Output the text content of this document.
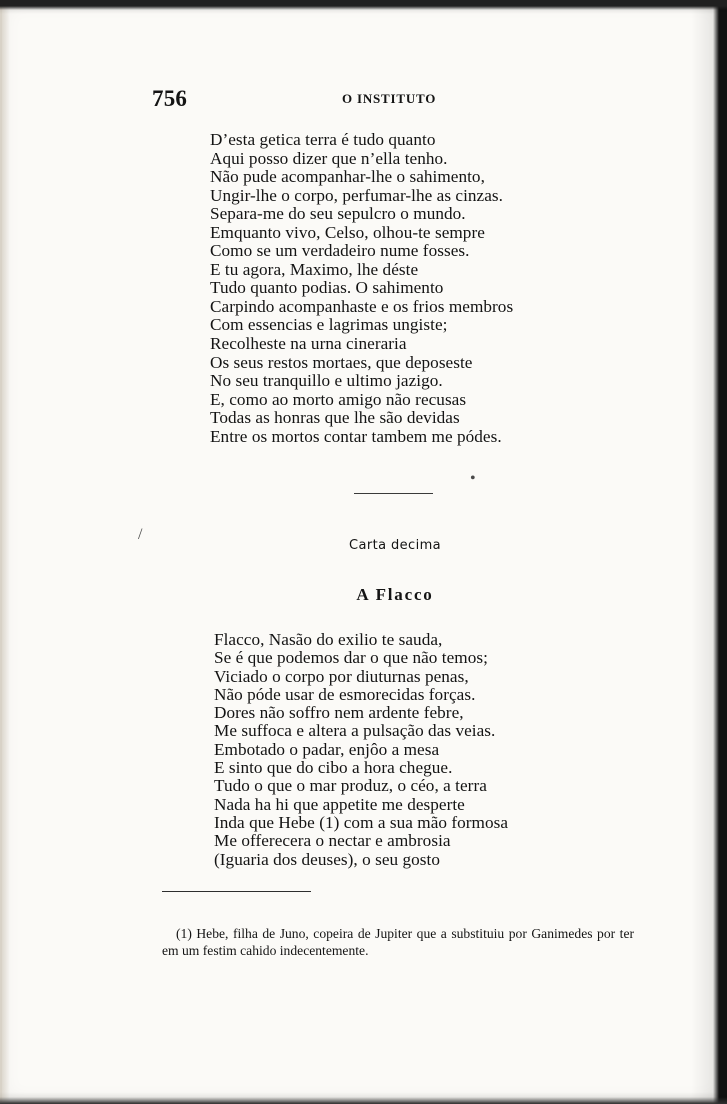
756	O INSTITUTO
D’esta getica terra é tudo quanto
Aqui posso dizer que n’ella tenho.
Não pude acompanhar-lhe o sahimento,
Ungir-lhe o corpo, perfumar-lhe as cinzas.
Separa-me do seu sepulcro o mundo.
Emquanto vivo, Celso, olhou-te sempre
Como se um verdadeiro nume fosses.
E tu agora, Maximo, lhe déste
Tudo quanto podias. O sahimento
Carpindo acompanhaste e os frios membros
Com essencias e lagrimas ungiste;
Recolheste na urna cineraria
Os seus restos mortaes, que deposeste
No seu tranquillo e ultimo jazigo.
E, como ao morto amigo não recusas
Todas as honras que lhe são devidas
Entre os mortos contar tambem me pódes.
Carta decima
A Flacco
Flacco, Nasão do exilio te sauda,
Se é que podemos dar o que não temos;
Viciado o corpo por diuturnas penas,
Não póde usar de esmorecidas forças.
Dores não soffro nem ardente febre,
Me suffoca e altera a pulsação das veias.
Embotado o padar, enjôo a mesa
E sinto que do cibo a hora chegue.
Tudo o que o mar produz, o céo, a terra
Nada ha hi que appetite me desperte
Inda que Hebe (1) com a sua mão formosa
Me offerecera o nectar e ambrosia
(Iguaria dos deuses), o seu gosto

(1) Hebe, filha de Juno, copeira de Jupiter que a substituiu por Ganimedes por ter em um festim cahido indecentemente.

•
/
